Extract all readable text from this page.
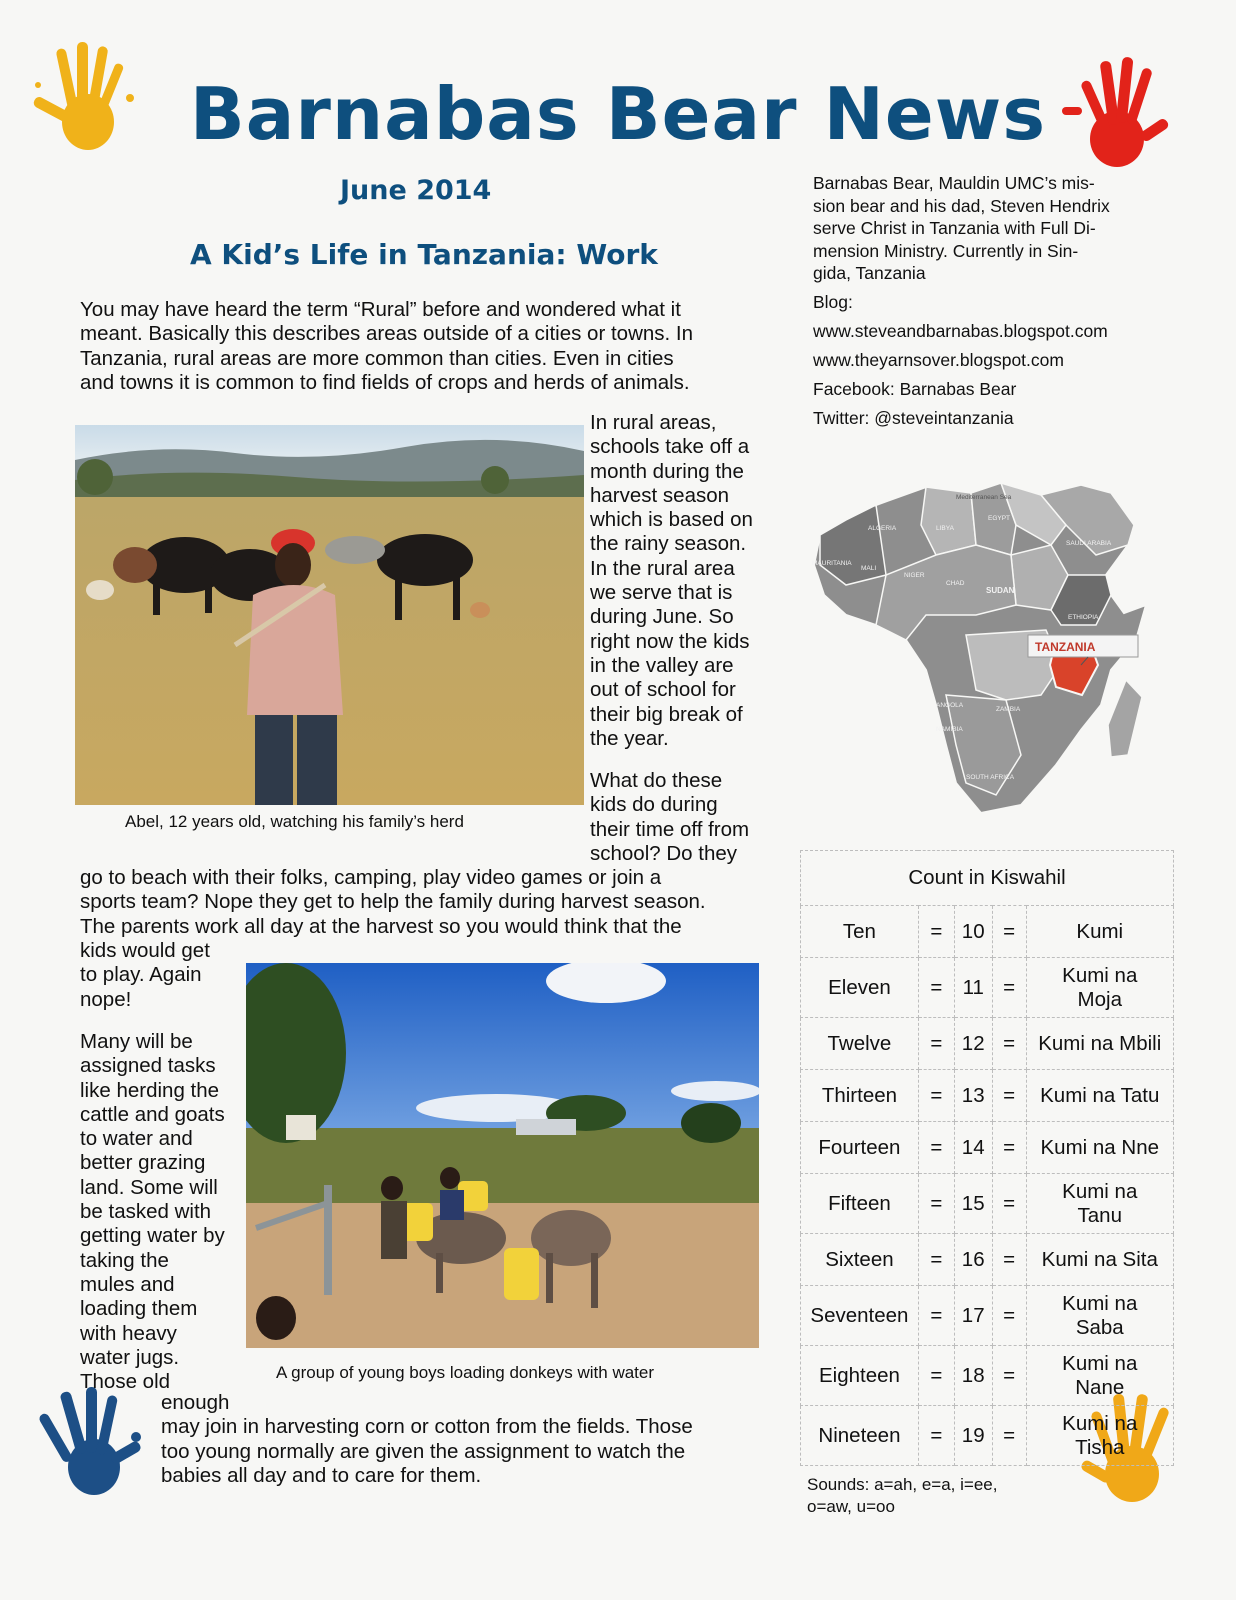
Barnabas Bear News
June 2014
A Kid’s Life in Tanzania: Work
You may have heard the term “Rural” before and wondered what it
meant. Basically this describes areas outside of a cities or towns. In
Tanzania, rural areas are more common than cities. Even in cities
and towns it is common to find fields of crops and herds of animals.
Abel, 12 years old, watching his family’s herd
In rural areas,
schools take off a
month during the
harvest season
which is based on
the rainy season.
In the rural area
we serve that is
during June. So
right now the kids
in the valley are
out of school for
their big break of
the year.
What do these
kids do during
their time off from
school? Do they
go to beach with their folks, camping, play video games or join a
sports team? Nope they get to help the family during harvest season.
The parents work all day at the harvest so you would think that the
kids would get
to play. Again
nope!
Many will be
assigned tasks
like herding the
cattle and goats
to water and
better grazing
land. Some will
be tasked with
getting water by
taking the
mules and
loading them
with heavy
water jugs.
Those old	A group of young boys loading donkeys with water
enough
may join in harvesting corn or cotton from the fields. Those
too young normally are given the assignment to watch the
babies all day and to care for them.
Barnabas Bear, Mauldin UMC’s mis-
sion bear and his dad, Steven Hendrix
serve Christ in Tanzania with Full Di-
mension Ministry. Currently in Sin-
gida, Tanzania
Blog:
www.steveandbarnabas.blogspot.com
www.theyarnsover.blogspot.com
Facebook: Barnabas Bear
Twitter: @steveintanzania
TANZANIA
Mediterranean Sea
ALGERIA	LIBYA
EGYPT
SAUDI ARABIA
MAURITANIA
MALI
NIGER
CHAD
SUDAN
ETHIOPIA
ANGOLA
ZAMBIA
NAMIBIA
SOUTH AFRICA
Count in Kiswahil				
Ten	=	10	=	Kumi

Eleven	=	11	=	Kumi na
Moja

Twelve	=	12	=	Kumi na Mbili

Thirteen	=	13	=	Kumi na Tatu

Fourteen	=	14	=	Kumi na Nne

Fifteen	=	15	=	Kumi na
Tanu

Sixteen	=	16	=	Kumi na Sita

Seventeen	=	17	=	Kumi na
Saba

Eighteen	=	18	=	Kumi na
Nane

Nineteen	=	19	=	Kumi na
Tisha
Sounds: a=ah, e=a, i=ee,
o=aw, u=oo
